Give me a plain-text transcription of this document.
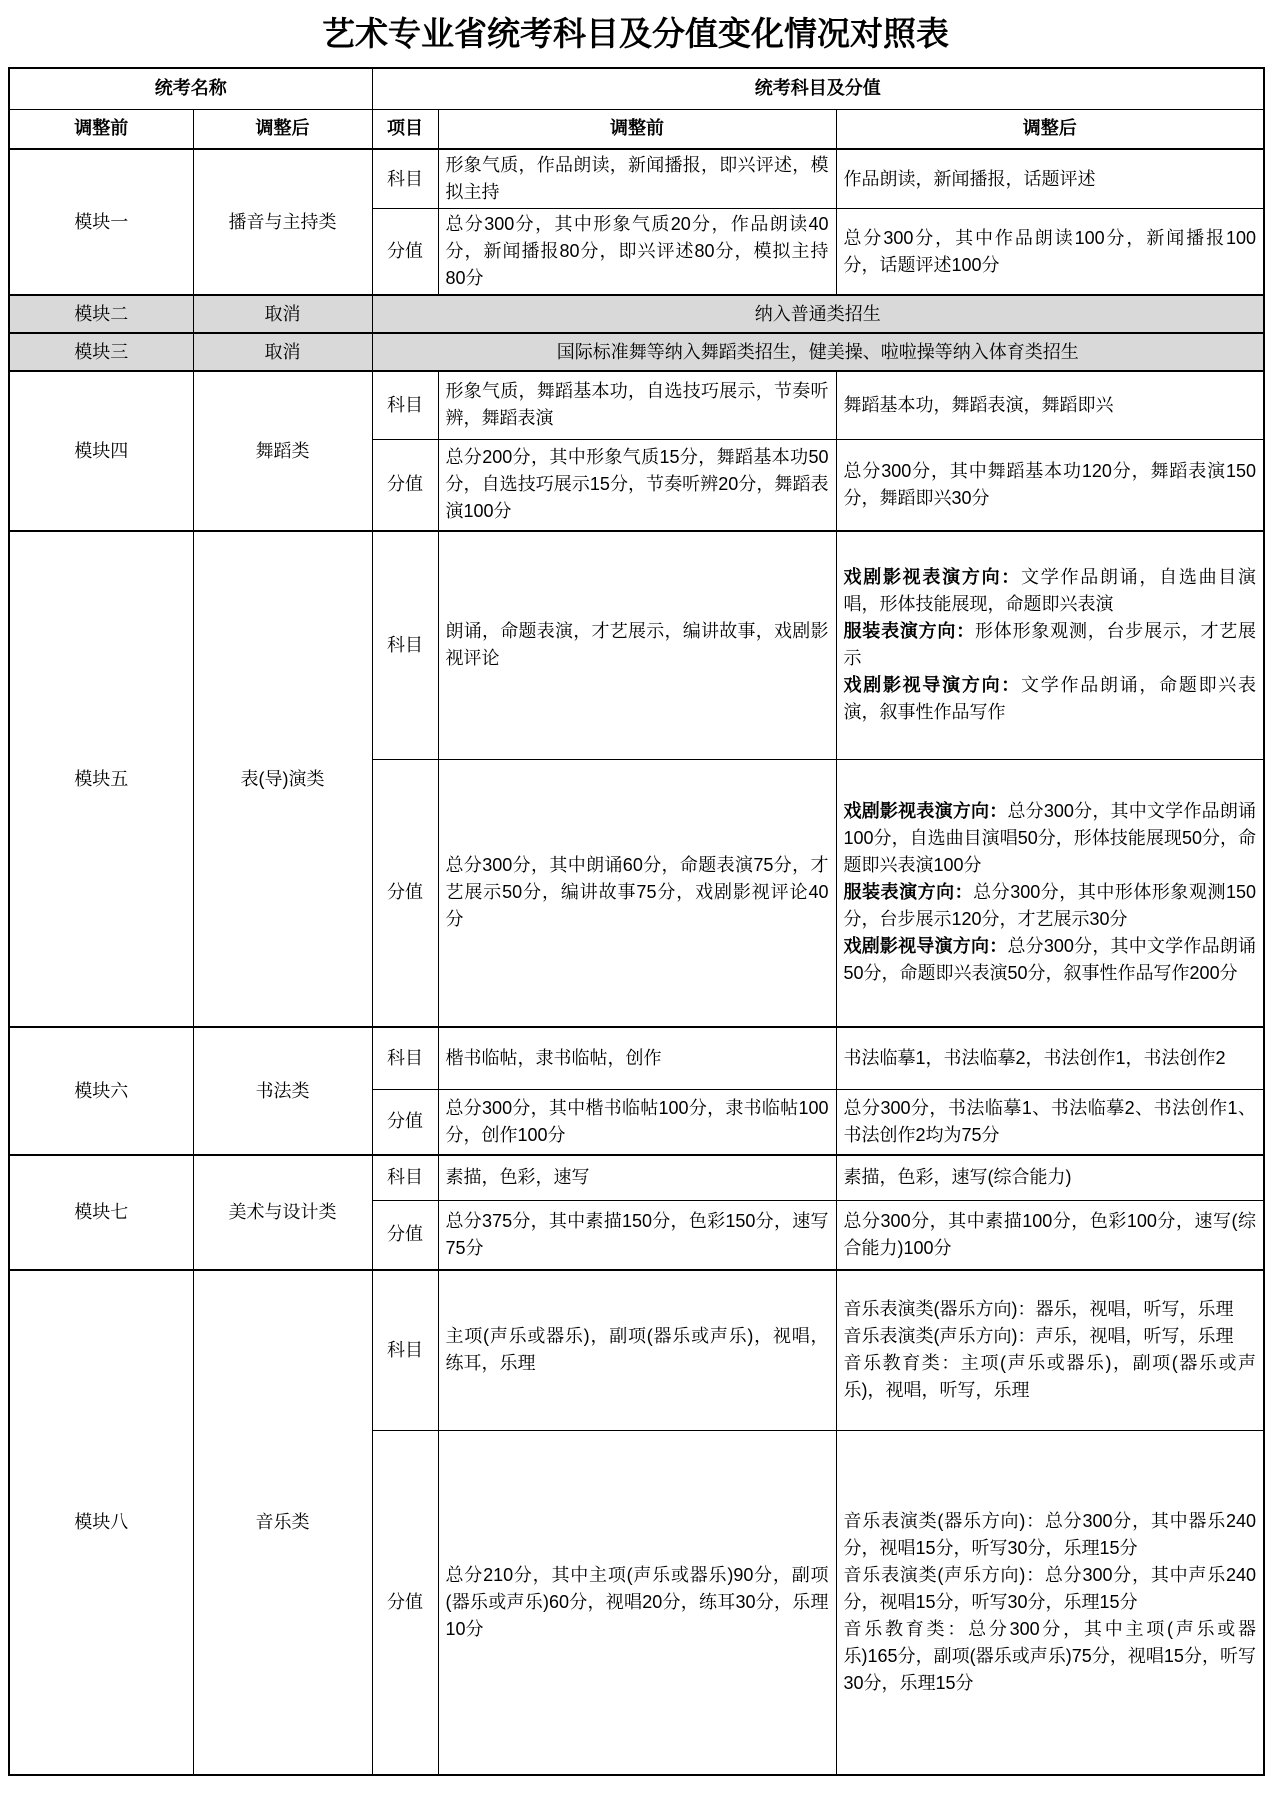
艺术专业省统考科目及分值变化情况对照表
统考名称		统考科目及分值		
调整前	调整后	项目	调整前	调整后
模块一	播音与主持类	科目	形象气质，作品朗读，新闻播报，即兴评述，模拟主持	作品朗读，新闻播报，话题评述
		分值	总分300分，其中形象气质20分，作品朗读40分，新闻播报80分，即兴评述80分，模拟主持80分	总分300分，其中作品朗读100分，新闻播报100分，话题评述100分
模块二	取消	纳入普通类招生		
模块三	取消	国际标准舞等纳入舞蹈类招生，健美操、啦啦操等纳入体育类招生		
模块四	舞蹈类	科目	形象气质，舞蹈基本功，自选技巧展示，节奏听辨，舞蹈表演	舞蹈基本功，舞蹈表演，舞蹈即兴
		分值	总分200分，其中形象气质15分，舞蹈基本功50分，自选技巧展示15分，节奏听辨20分，舞蹈表演100分	总分300分，其中舞蹈基本功120分，舞蹈表演150分，舞蹈即兴30分
模块五	表(导)演类	科目	朗诵，命题表演，才艺展示，编讲故事，戏剧影视评论	戏剧影视表演方向：文学作品朗诵，自选曲目演唱，形体技能展现，命题即兴表演
服装表演方向：形体形象观测，台步展示，才艺展示
戏剧影视导演方向：文学作品朗诵，命题即兴表演，叙事性作品写作

		分值	总分300分，其中朗诵60分，命题表演75分，才艺展示50分，编讲故事75分，戏剧影视评论40分	戏剧影视表演方向：总分300分，其中文学作品朗诵100分，自选曲目演唱50分，形体技能展现50分，命题即兴表演100分
服装表演方向：总分300分，其中形体形象观测150分，台步展示120分，才艺展示30分
戏剧影视导演方向：总分300分，其中文学作品朗诵50分，命题即兴表演50分，叙事性作品写作200分

模块六	书法类	科目	楷书临帖，隶书临帖，创作	书法临摹1，书法临摹2，书法创作1，书法创作2
		分值	总分300分，其中楷书临帖100分，隶书临帖100分，创作100分	总分300分，书法临摹1、书法临摹2、书法创作1、书法创作2均为75分
模块七	美术与设计类	科目	素描，色彩，速写	素描，色彩，速写(综合能力)
		分值	总分375分，其中素描150分，色彩150分，速写75分	总分300分，其中素描100分，色彩100分，速写(综合能力)100分
模块八	音乐类	科目	主项(声乐或器乐)，副项(器乐或声乐)，视唱，练耳，乐理	音乐表演类(器乐方向)：器乐，视唱，听写，乐理
音乐表演类(声乐方向)：声乐，视唱，听写，乐理
音乐教育类：主项(声乐或器乐)，副项(器乐或声乐)，视唱，听写，乐理

		分值	总分210分，其中主项(声乐或器乐)90分，副项(器乐或声乐)60分，视唱20分，练耳30分，乐理10分	音乐表演类(器乐方向)：总分300分，其中器乐240分，视唱15分，听写30分，乐理15分
音乐表演类(声乐方向)：总分300分，其中声乐240分，视唱15分，听写30分，乐理15分
音乐教育类：总分300分，其中主项(声乐或器乐)165分，副项(器乐或声乐)75分，视唱15分，听写30分，乐理15分
